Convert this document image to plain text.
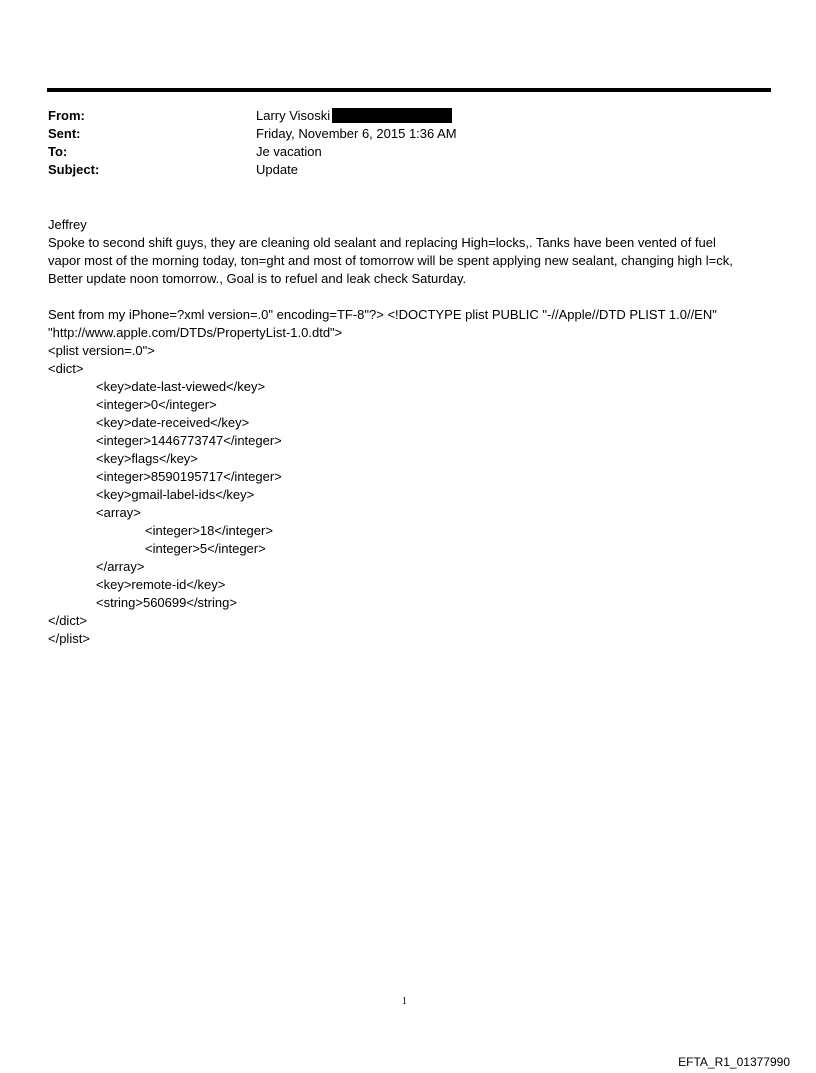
From:	Larry Visoski
Sent:	Friday, November 6, 2015 1:36 AM
To:	Je vacation
Subject:	Update
Jeffrey
Spoke to second shift guys, they are cleaning old sealant and replacing High=locks,. Tanks have been vented of fuel
vapor most of the morning today, ton=ght and most of tomorrow will be spent applying new sealant, changing high l=ck,
Better update noon tomorrow., Goal is to refuel and leak check Saturday.
Sent from my iPhone=?xml version=.0" encoding=TF-8"?> <!DOCTYPE plist PUBLIC "-//Apple//DTD PLIST 1.0//EN"
"http://www.apple.com/DTDs/PropertyList-1.0.dtd">
<plist version=.0">
<dict>
<key>date-last-viewed</key>
<integer>0</integer>
<key>date-received</key>
<integer>1446773747</integer>
<key>flags</key>
<integer>8590195717</integer>
<key>gmail-label-ids</key>
<array>
<integer>18</integer>
<integer>5</integer>
</array>
<key>remote-id</key>
<string>560699</string>
</dict>
</plist>
1
EFTA_R1_01377990
